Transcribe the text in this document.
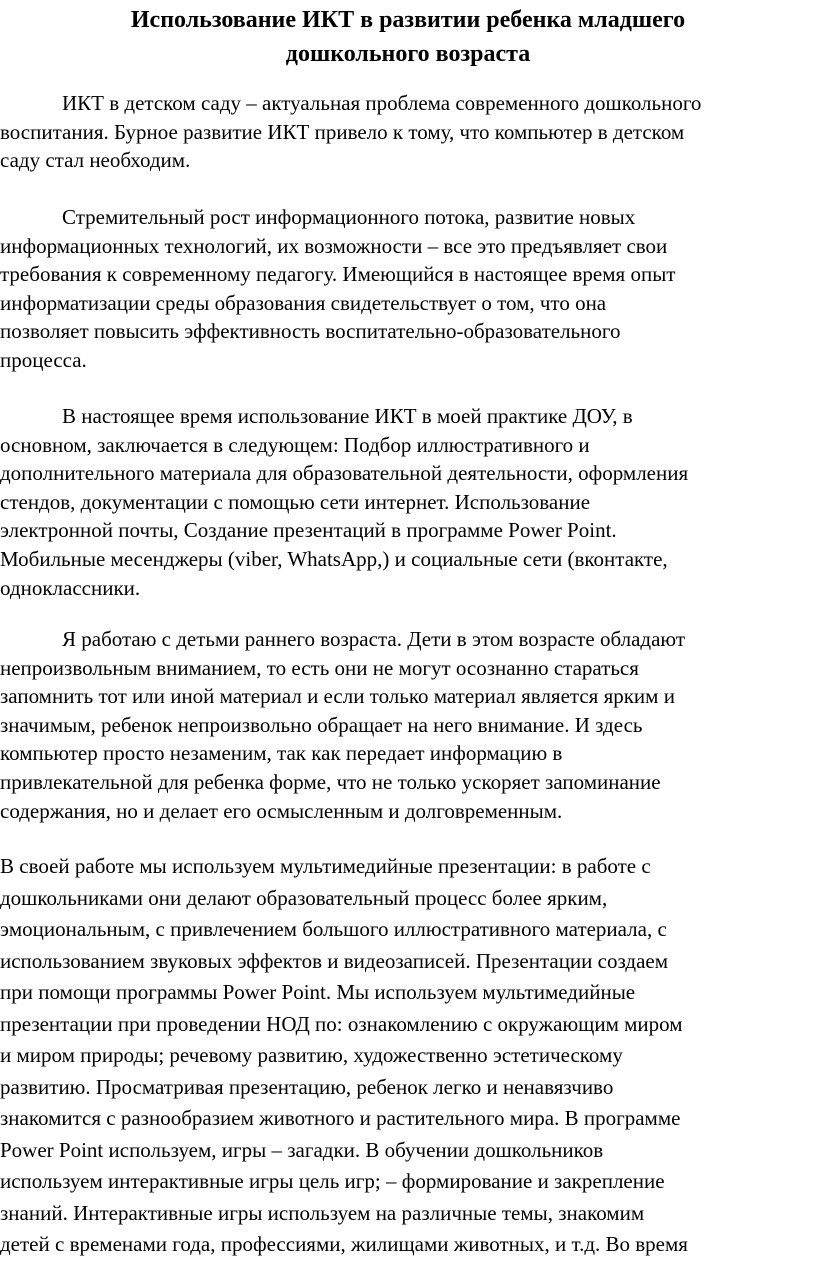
Использование ИКТ в развитии ребенка младшего
дошкольного возраста
ИКТ в детском саду – актуальная проблема современного дошкольного
воспитания. Бурное развитие ИКТ привело к тому, что компьютер в детском
саду стал необходим.
Стремительный рост информационного потока, развитие новых
информационных технологий, их возможности – все это предъявляет свои
требования к современному педагогу. Имеющийся в настоящее время опыт
информатизации среды образования свидетельствует о том, что она
позволяет повысить эффективность воспитательно-образовательного
процесса.
В настоящее время использование ИКТ в моей практике ДОУ, в
основном, заключается в следующем: Подбор иллюстративного и
дополнительного материала для образовательной деятельности, оформления
стендов, документации с помощью сети интернет. Использование
электронной почты, Создание презентаций в программе Power Point.
Мобильные месенджеры (viber, WhatsApp,) и социальные сети (вконтакте,
одноклассники.
Я работаю с детьми раннего возраста. Дети в этом возрасте обладают
непроизвольным вниманием, то есть они не могут осознанно стараться
запомнить тот или иной материал и если только материал является ярким и
значимым, ребенок непроизвольно обращает на него внимание. И здесь
компьютер просто незаменим, так как передает информацию в
привлекательной для ребенка форме, что не только ускоряет запоминание
содержания, но и делает его осмысленным и долговременным.
В своей работе мы используем мультимедийные презентации: в работе с
дошкольниками они делают образовательный процесс более ярким,
эмоциональным, с привлечением большого иллюстративного материала, с
использованием звуковых эффектов и видеозаписей. Презентации создаем
при помощи программы Power Point. Мы используем мультимедийные
презентации при проведении НОД по: ознакомлению с окружающим миром
и миром природы; речевому развитию, художественно эстетическому
развитию. Просматривая презентацию, ребенок легко и ненавязчиво
знакомится с разнообразием животного и растительного мира. В программе
Power Point используем, игры – загадки. В обучении дошкольников
используем интерактивные игры цель игр; – формирование и закрепление
знаний. Интерактивные игры используем на различные темы, знакомим
детей с временами года, профессиями, жилищами животных, и т.д. Во время
